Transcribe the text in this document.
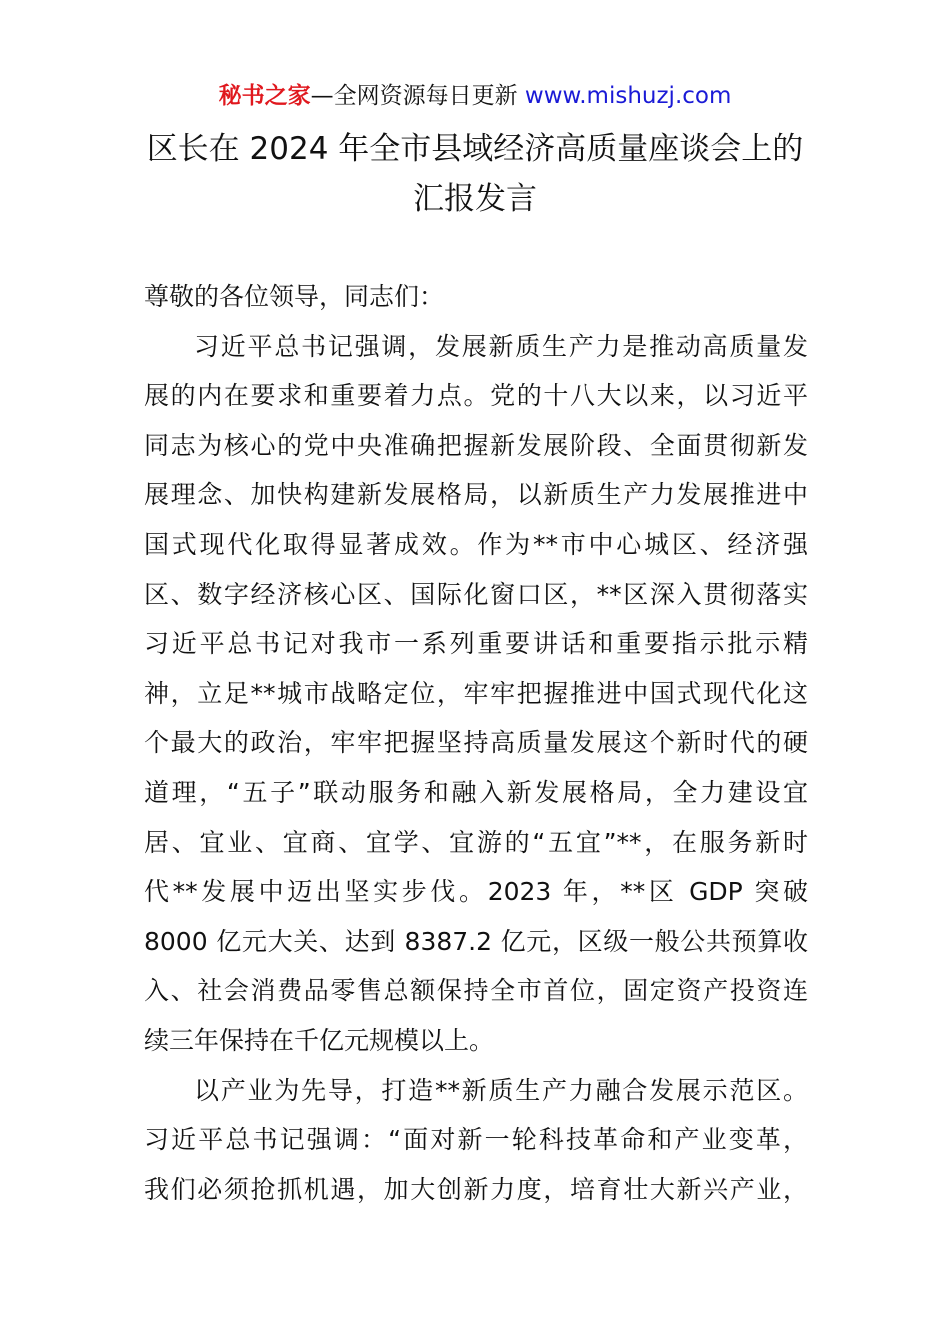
秘书之家—全网资源每日更新 www.mishuzj.com
区长在 2024 年全市县域经济高质量座谈会上的
汇报发言
尊敬的各位领导，同志们：
习近平总书记强调，发展新质生产力是推动高质量发
展的内在要求和重要着力点。党的十八大以来，以习近平
同志为核心的党中央准确把握新发展阶段、全面贯彻新发
展理念、加快构建新发展格局，以新质生产力发展推进中
国式现代化取得显著成效。作为**市中心城区、经济强
区、数字经济核心区、国际化窗口区，**区深入贯彻落实
习近平总书记对我市一系列重要讲话和重要指示批示精
神，立足**城市战略定位，牢牢把握推进中国式现代化这
个最大的政治，牢牢把握坚持高质量发展这个新时代的硬
道理，“五子”联动服务和融入新发展格局，全力建设宜
居、宜业、宜商、宜学、宜游的“五宜”**，在服务新时
代**发展中迈出坚实步伐。2023 年，**区 GDP 突破
8000 亿元大关、达到 8387.2 亿元，区级一般公共预算收
入、社会消费品零售总额保持全市首位，固定资产投资连
续三年保持在千亿元规模以上。
以产业为先导，打造**新质生产力融合发展示范区。
习近平总书记强调：“面对新一轮科技革命和产业变革，
我们必须抢抓机遇，加大创新力度，培育壮大新兴产业，
